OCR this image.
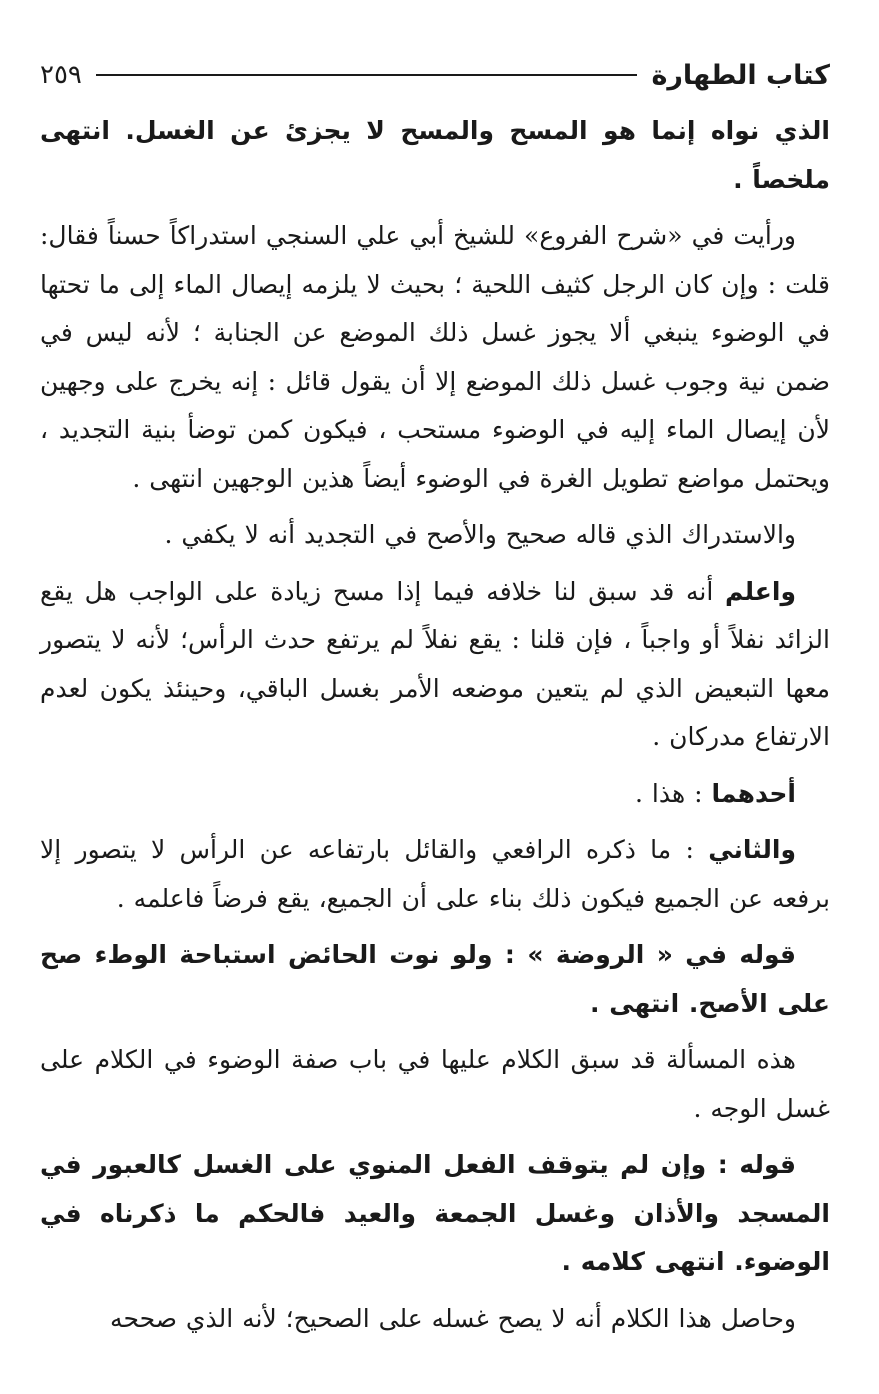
كتاب الطهارة
٢٥٩

الذي نواه إنما هو المسح والمسح لا يجزئ عن الغسل. انتهى ملخصاً .

ورأيت في «شرح الفروع» للشيخ أبي علي السنجي استدراكاً حسناً فقال: قلت : وإن كان الرجل كثيف اللحية ؛ بحيث لا يلزمه إيصال الماء إلى ما تحتها في الوضوء ينبغي ألا يجوز غسل ذلك الموضع عن الجنابة ؛ لأنه ليس في ضمن نية وجوب غسل ذلك الموضع إلا أن يقول قائل : إنه يخرج على وجهين لأن إيصال الماء إليه في الوضوء مستحب ، فيكون كمن توضأ بنية التجديد ، ويحتمل مواضع تطويل الغرة في الوضوء أيضاً هذين الوجهين انتهى .

والاستدراك الذي قاله صحيح والأصح في التجديد أنه لا يكفي .

واعلم أنه قد سبق لنا خلافه فيما إذا مسح زيادة على الواجب هل يقع الزائد نفلاً أو واجباً ، فإن قلنا : يقع نفلاً لم يرتفع حدث الرأس؛ لأنه لا يتصور معها التبعيض الذي لم يتعين موضعه الأمر بغسل الباقي، وحينئذ يكون لعدم الارتفاع مدركان .

أحدهما : هذا .

والثاني : ما ذكره الرافعي والقائل بارتفاعه عن الرأس لا يتصور إلا برفعه عن الجميع فيكون ذلك بناء على أن الجميع، يقع فرضاً فاعلمه .

قوله في « الروضة » : ولو نوت الحائض استباحة الوطء صح على الأصح. انتهى .

هذه المسألة قد سبق الكلام عليها في باب صفة الوضوء في الكلام على غسل الوجه .

قوله : وإن لم يتوقف الفعل المنوي على الغسل كالعبور في المسجد والأذان وغسل الجمعة والعيد فالحكم ما ذكرناه في الوضوء. انتهى كلامه .

وحاصل هذا الكلام أنه لا يصح غسله على الصحيح؛ لأنه الذي صححه
